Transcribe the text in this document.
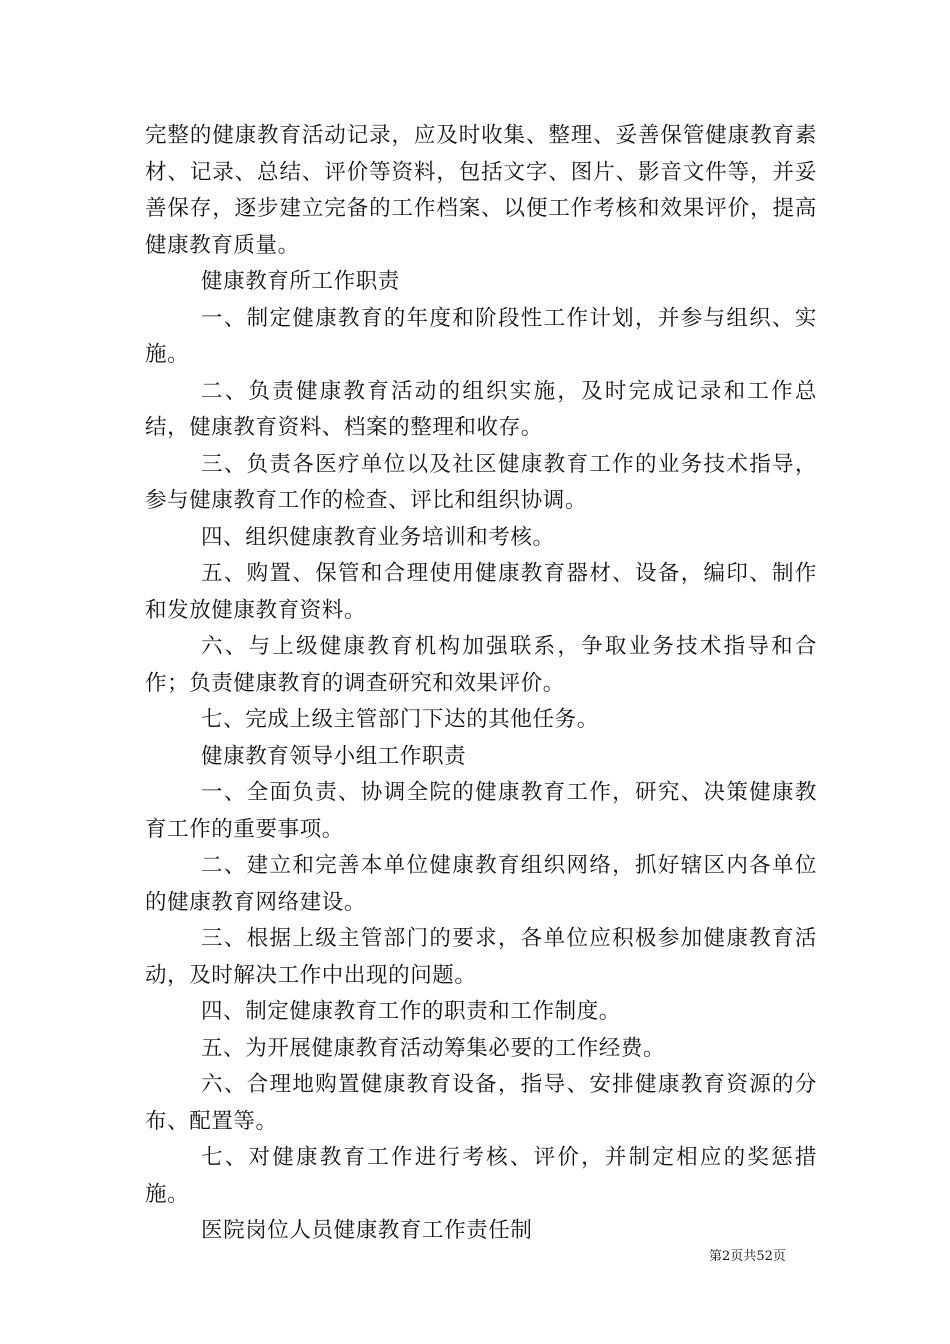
完整的健康教育活动记录，应及时收集、整理、妥善保管健康教育素材、记录、总结、评价等资料，包括文字、图片、影音文件等，并妥善保存，逐步建立完备的工作档案、以便工作考核和效果评价，提高健康教育质量。

健康教育所工作职责

一、制定健康教育的年度和阶段性工作计划，并参与组织、实施。

二、负责健康教育活动的组织实施，及时完成记录和工作总结，健康教育资料、档案的整理和收存。

三、负责各医疗单位以及社区健康教育工作的业务技术指导，参与健康教育工作的检查、评比和组织协调。

四、组织健康教育业务培训和考核。

五、购置、保管和合理使用健康教育器材、设备，编印、制作和发放健康教育资料。

六、与上级健康教育机构加强联系，争取业务技术指导和合作；负责健康教育的调查研究和效果评价。

七、完成上级主管部门下达的其他任务。

健康教育领导小组工作职责

一、全面负责、协调全院的健康教育工作，研究、决策健康教育工作的重要事项。

二、建立和完善本单位健康教育组织网络，抓好辖区内各单位的健康教育网络建设。

三、根据上级主管部门的要求，各单位应积极参加健康教育活动，及时解决工作中出现的问题。

四、制定健康教育工作的职责和工作制度。

五、为开展健康教育活动筹集必要的工作经费。

六、合理地购置健康教育设备，指导、安排健康教育资源的分布、配置等。

七、对健康教育工作进行考核、评价，并制定相应的奖惩措施。

医院岗位人员健康教育工作责任制

第2页共52页
